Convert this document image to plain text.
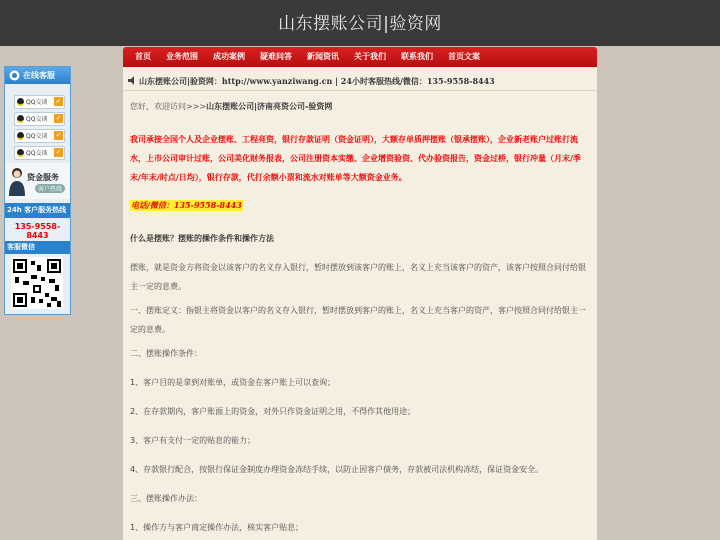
山东摆账公司|验资网
首页 业务范围 成功案例 疑难问答 新闻资讯 关于我们 联系我们 首页文案
山东摆账公司|验资网：http://www.yanziwang.cn | 24小时客服热线/微信：135-9558-8443
您好，欢迎访问>>>山东摆账公司|济南亮资公司-验资网
我司承接全国个人及企业摆账、工程亮资，银行存款证明（资金证明），大额存单质押摆账（银承摆账），企业新老账户过账打流水，上市公司审计过账，公司美化财务报表，公司注册资本实缴、企业增资验资、代办验资报告，资金过桥，银行冲量（月末/季末/年末/时点/日均），银行存款，代打余额小票和流水对账单等大额资金业务。
电话/微信：135-9558-8443
什么是摆账？摆账的操作条件和操作方法
摆账，就是资金方将资金以该客户的名义存入银行，暂时摆放到该客户的账上，名义上充当该客户的资产，该客户按照合同付给银主一定的息费。
一、摆账定义：指银主将资金以客户的名义存入银行，暂时摆放到客户的账上，名义上充当客户的资产，客户按照合同付给银主一定的息费。
二、摆账操作条件：
1、客户目的是拿到对账单，或资金在客户账上可以查询；
2、在存款期内，客户账面上的资金，对外只作资金证明之用，不得作其他用途；
3、客户有支付一定的贴息的能力；
4、存款银行配合，按银行保证金制度办理资金冻结手续，以防止因客户债务，存款被司法机构冻结，保证资金安全。
三、摆账操作办法：
1、操作方与客户商定操作办法，核实客户贴息；
在线客服
QQ交谈 ✓
QQ交谈 ✓
QQ交谈 ✓
QQ交谈 ✓
资金服务
客户热线
24h 客户服务热线
135-9558-8443
客服微信
